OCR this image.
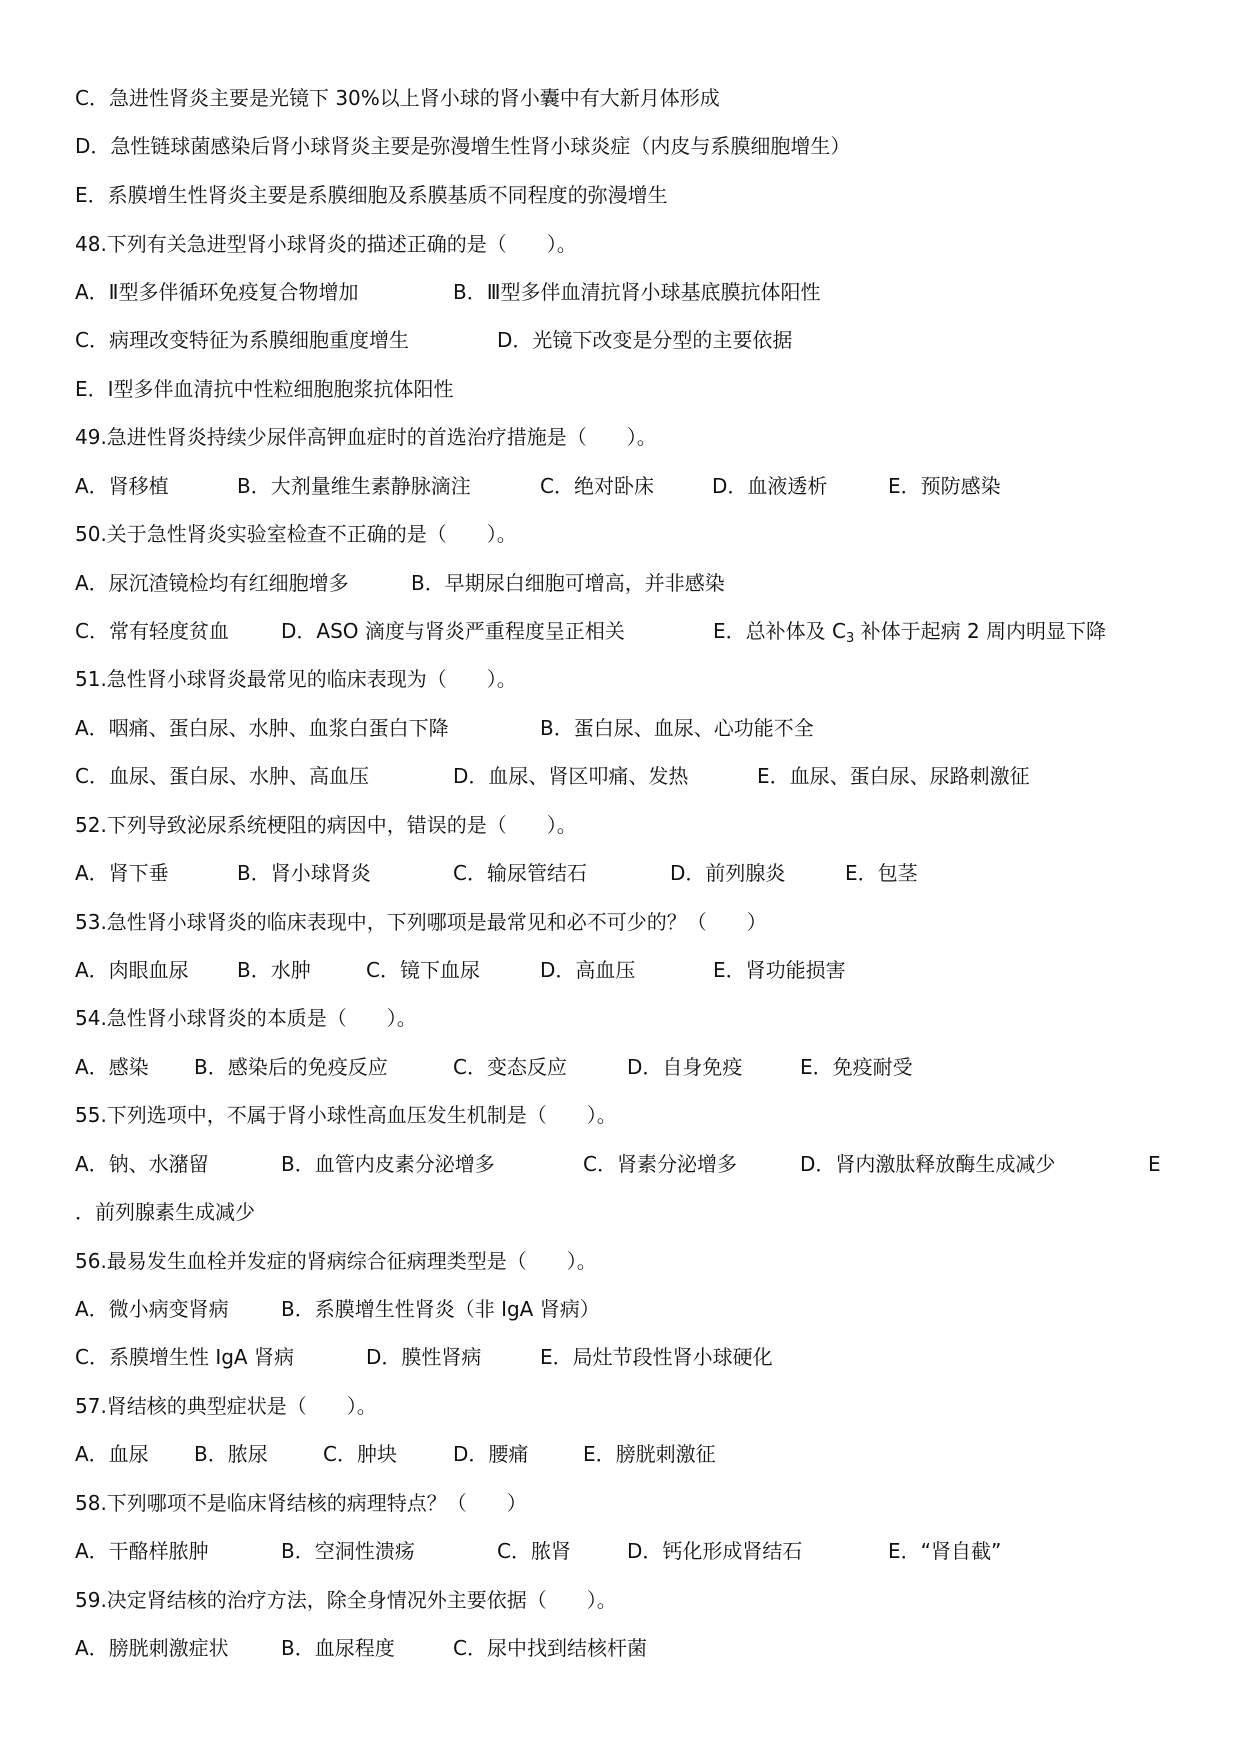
C．急进性肾炎主要是光镜下 30%以上肾小球的肾小囊中有大新月体形成
D．急性链球菌感染后肾小球肾炎主要是弥漫增生性肾小球炎症（内皮与系膜细胞增生）
E．系膜增生性肾炎主要是系膜细胞及系膜基质不同程度的弥漫增生
48.下列有关急进型肾小球肾炎的描述正确的是（　　）。
A．Ⅱ型多伴循环免疫复合物增加	B．Ⅲ型多伴血清抗肾小球基底膜抗体阳性
C．病理改变特征为系膜细胞重度增生	D．光镜下改变是分型的主要依据
E．Ⅰ型多伴血清抗中性粒细胞胞浆抗体阳性
49.急进性肾炎持续少尿伴高钾血症时的首选治疗措施是（　　）。
A．肾移植	B．大剂量维生素静脉滴注	C．绝对卧床	D．血液透析	E．预防感染
50.关于急性肾炎实验室检查不正确的是（　　）。
A．尿沉渣镜检均有红细胞增多	B．早期尿白细胞可增高，并非感染
C．常有轻度贫血	D．ASO 滴度与肾炎严重程度呈正相关	E．总补体及 $C_3$ 补体于起病 2 周内明显下降
51.急性肾小球肾炎最常见的临床表现为（　　）。
A．咽痛、蛋白尿、水肿、血浆白蛋白下降	B．蛋白尿、血尿、心功能不全
C．血尿、蛋白尿、水肿、高血压	D．血尿、肾区叩痛、发热	E．血尿、蛋白尿、尿路刺激征
52.下列导致泌尿系统梗阻的病因中，错误的是（　　）。
A．肾下垂	B．肾小球肾炎	C．输尿管结石	D．前列腺炎	E．包茎
53.急性肾小球肾炎的临床表现中，下列哪项是最常见和必不可少的？（　　）
A．肉眼血尿 B．水肿	C．镜下血尿	D．高血压	E．肾功能损害
54.急性肾小球肾炎的本质是（　　）。
A．感染 B．感染后的免疫反应	C．变态反应	D．自身免疫	E．免疫耐受
55.下列选项中，不属于肾小球性高血压发生机制是（　　）。
A．钠、水潴留	B．血管内皮素分泌增多	C．肾素分泌增多	D．肾内激肽释放酶生成减少	E
．前列腺素生成减少
56.最易发生血栓并发症的肾病综合征病理类型是（　　）。
A．微小病变肾病	B．系膜增生性肾炎（非 IgA 肾病）
C．系膜增生性 IgA 肾病	D．膜性肾病	E．局灶节段性肾小球硬化
57.肾结核的典型症状是（　　）。
A．血尿 B．脓尿	C．肿块	D．腰痛	E．膀胱刺激征
58.下列哪项不是临床肾结核的病理特点？（　　）
A．干酪样脓肿	B．空洞性溃疡	C．脓肾	D．钙化形成肾结石	E．“肾自截”
59.决定肾结核的治疗方法，除全身情况外主要依据（　　）。
A．膀胱刺激症状	B．血尿程度	C．尿中找到结核杆菌
